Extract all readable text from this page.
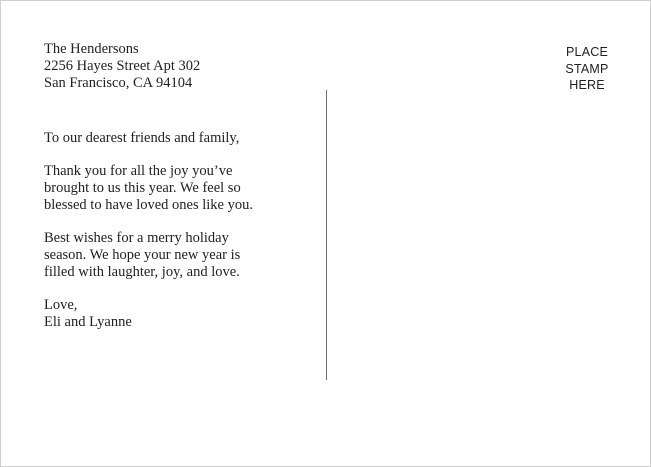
The Hendersons
2256 Hayes Street Apt 302
San Francisco, CA 94104
To our dearest friends and family,
Thank you for all the joy you’ve
brought to us this year. We feel so
blessed to have loved ones like you.
Best wishes for a merry holiday
season. We hope your new year is
filled with laughter, joy, and love.
Love,
Eli and Lyanne
PLACE
STAMP
HERE
